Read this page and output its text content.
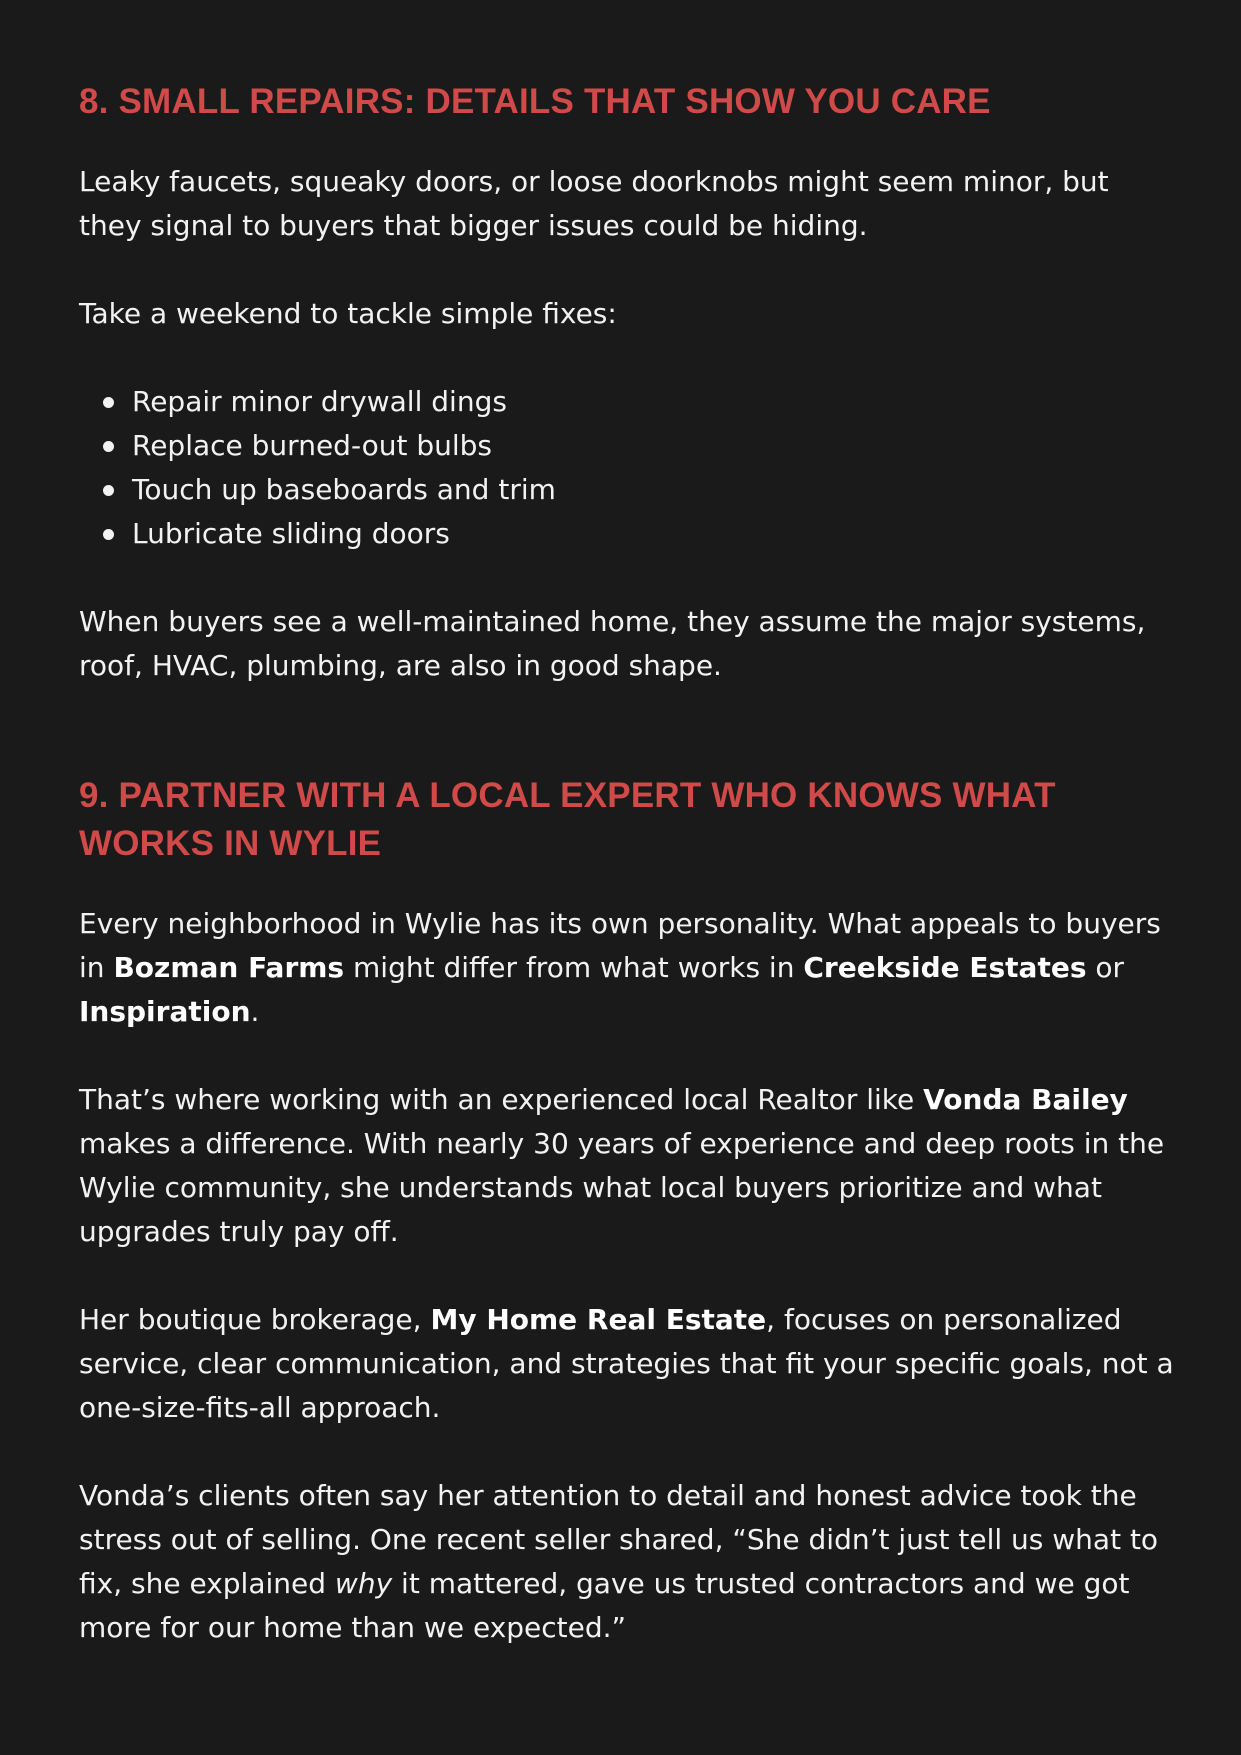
8. SMALL REPAIRS: DETAILS THAT SHOW YOU CARE

Leaky faucets, squeaky doors, or loose doorknobs might seem minor, but they signal to buyers that bigger issues could be hiding.

Take a weekend to tackle simple fixes:

Repair minor drywall dings
Replace burned-out bulbs
Touch up baseboards and trim
Lubricate sliding doors

When buyers see a well-maintained home, they assume the major systems, roof, HVAC, plumbing, are also in good shape.

9. PARTNER WITH A LOCAL EXPERT WHO KNOWS WHAT WORKS IN WYLIE

Every neighborhood in Wylie has its own personality. What appeals to buyers in Bozman Farms might differ from what works in Creekside Estates or Inspiration.

That’s where working with an experienced local Realtor like Vonda Bailey makes a difference. With nearly 30 years of experience and deep roots in the Wylie community, she understands what local buyers prioritize and what upgrades truly pay off.

Her boutique brokerage, My Home Real Estate, focuses on personalized service, clear communication, and strategies that fit your specific goals, not a one-size-fits-all approach.

Vonda’s clients often say her attention to detail and honest advice took the stress out of selling. One recent seller shared, “She didn’t just tell us what to fix, she explained why it mattered, gave us trusted contractors and we got more for our home than we expected.”
